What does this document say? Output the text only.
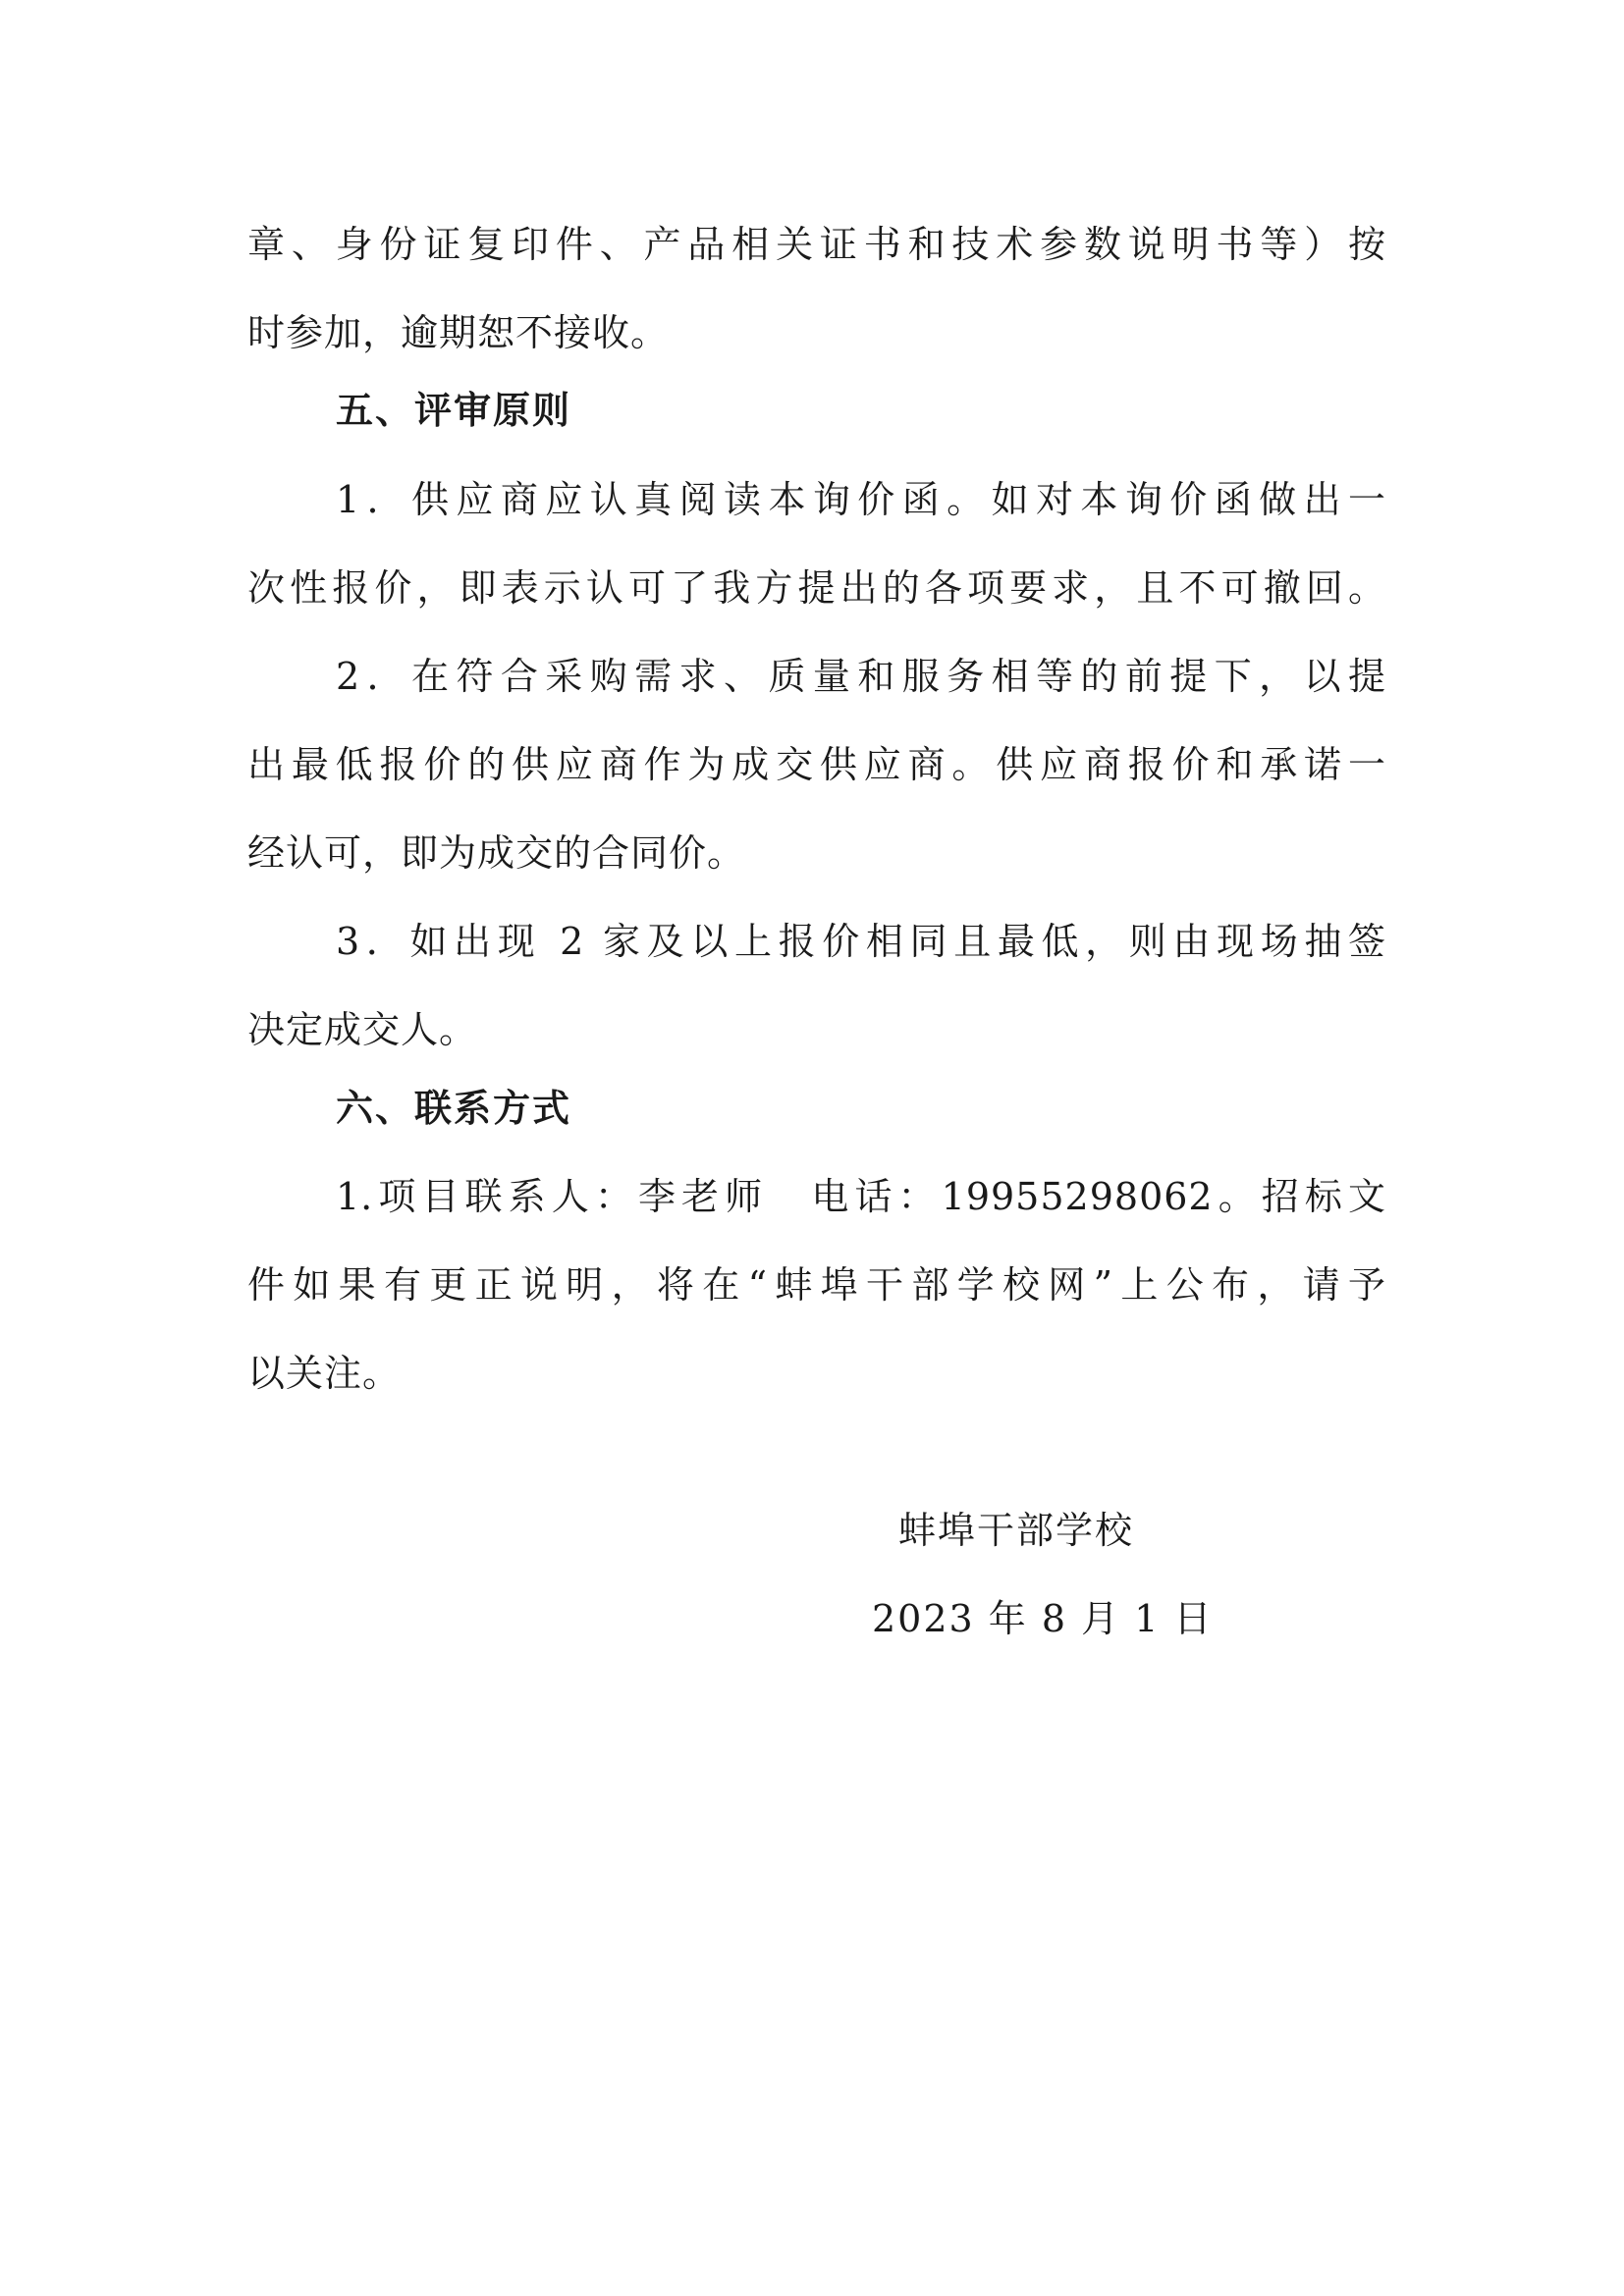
章、身份证复印件、产品相关证书和技术参数说明书等）按
时参加，逾期恕不接收。
五、评审原则
1．供应商应认真阅读本询价函。如对本询价函做出一
次性报价，即表示认可了我方提出的各项要求，且不可撤回。
2．在符合采购需求、质量和服务相等的前提下，以提
出最低报价的供应商作为成交供应商。供应商报价和承诺一
经认可，即为成交的合同价。
3．如出现 2 家及以上报价相同且最低，则由现场抽签
决定成交人。
六、联系方式
1.项目联系人：李老师　电话：19955298062。招标文
件如果有更正说明，将在“蚌埠干部学校网”上公布，请予
以关注。
蚌埠干部学校
2023 年 8 月 1 日
